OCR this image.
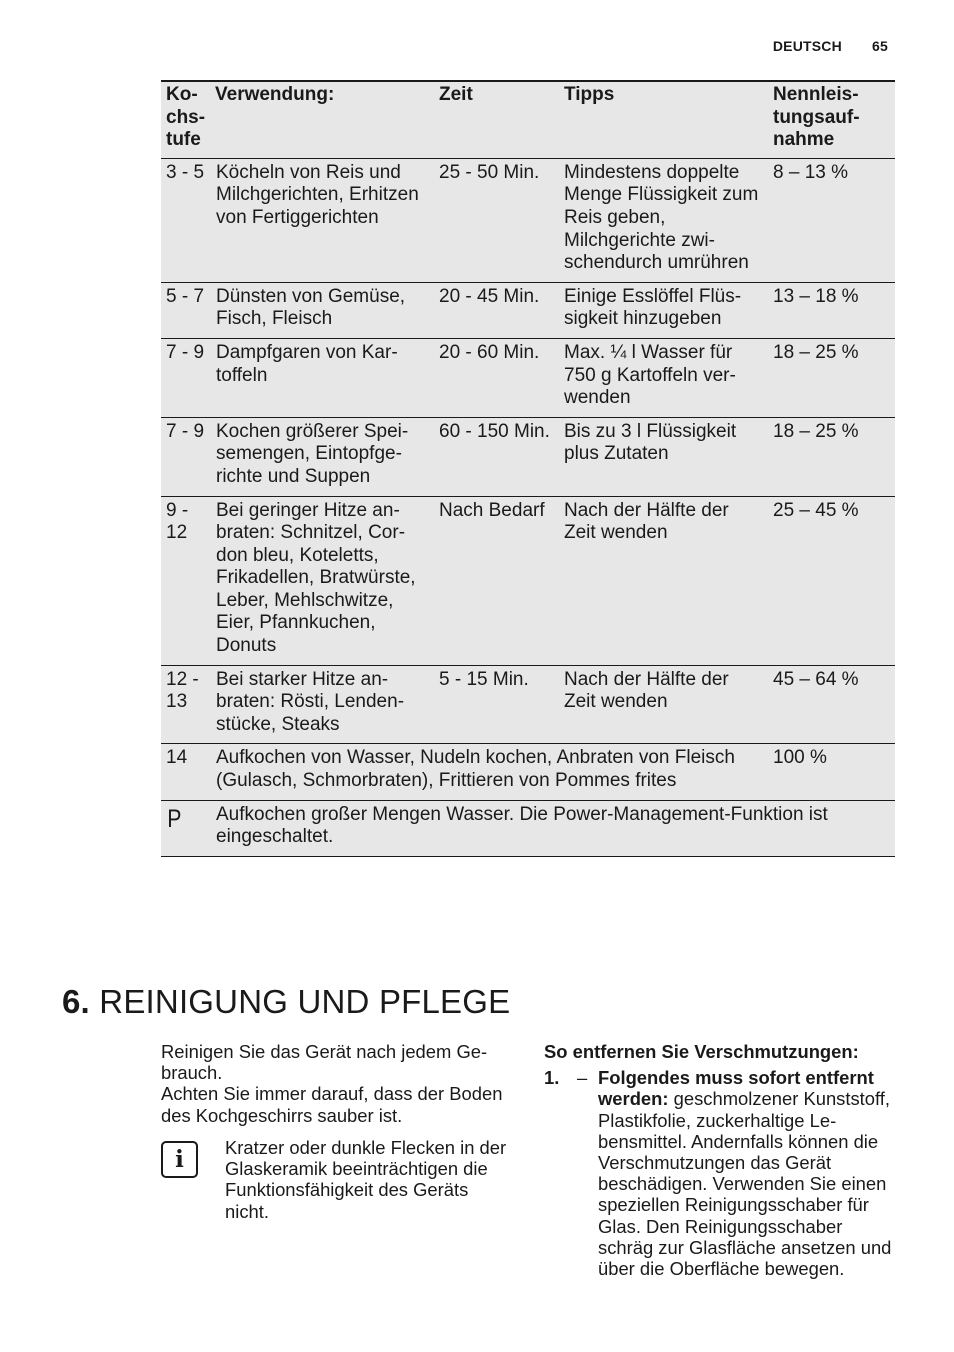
DEUTSCH 65
Kochstufe	Verwendung:	Zeit	Tipps	Nennleistungsaufnahme
3 - 5	Köcheln von Reis und Milchgerichten, Erhitzen von Fertiggerichten	25 - 50 Min.	Mindestens doppelte Menge Flüssigkeit zum Reis geben, Milchgerichte zwischendurch umrühren	8 – 13 %
5 - 7	Dünsten von Gemüse, Fisch, Fleisch	20 - 45 Min.	Einige Esslöffel Flüssigkeit hinzugeben	13 – 18 %
7 - 9	Dampfgaren von Kartoffeln	20 - 60 Min.	Max. ¼ l Wasser für 750 g Kartoffeln verwenden	18 – 25 %
7 - 9	Kochen größerer Speisemengen, Eintopfgerichte und Suppen	60 - 150 Min.	Bis zu 3 l Flüssigkeit plus Zutaten	18 – 25 %
9 - 12	Bei geringer Hitze anbraten: Schnitzel, Cordon bleu, Koteletts, Frikadellen, Bratwürste, Leber, Mehlschwitze, Eier, Pfannkuchen, Donuts	Nach Bedarf	Nach der Hälfte der Zeit wenden	25 – 45 %
12 - 13	Bei starker Hitze anbraten: Rösti, Lendenstücke, Steaks	5 - 15 Min.	Nach der Hälfte der Zeit wenden	45 – 64 %
14	Aufkochen von Wasser, Nudeln kochen, Anbraten von Fleisch (Gulasch, Schmorbraten), Frittieren von Pommes frites			100 %
P	Aufkochen großer Mengen Wasser. Die Power-Management-Funktion ist eingeschaltet.			
6. REINIGUNG UND PFLEGE

Reinigen Sie das Gerät nach jedem Gebrauch.

Achten Sie immer darauf, dass der Boden des Kochgeschirrs sauber ist.

i	Kratzer oder dunkle Flecken in der Glaskeramik beeinträchtigen die Funktionsfähigkeit des Geräts nicht.
So entfernen Sie Verschmutzungen:
1. – Folgendes muss sofort entfernt werden: geschmolzener Kunststoff, Plastikfolie, zuckerhaltige Lebensmittel. Andernfalls können die Verschmutzungen das Gerät beschädigen. Verwenden Sie einen speziellen Reinigungsschaber für Glas. Den Reinigungsschaber schräg zur Glasfläche ansetzen und über die Oberfläche bewegen.
